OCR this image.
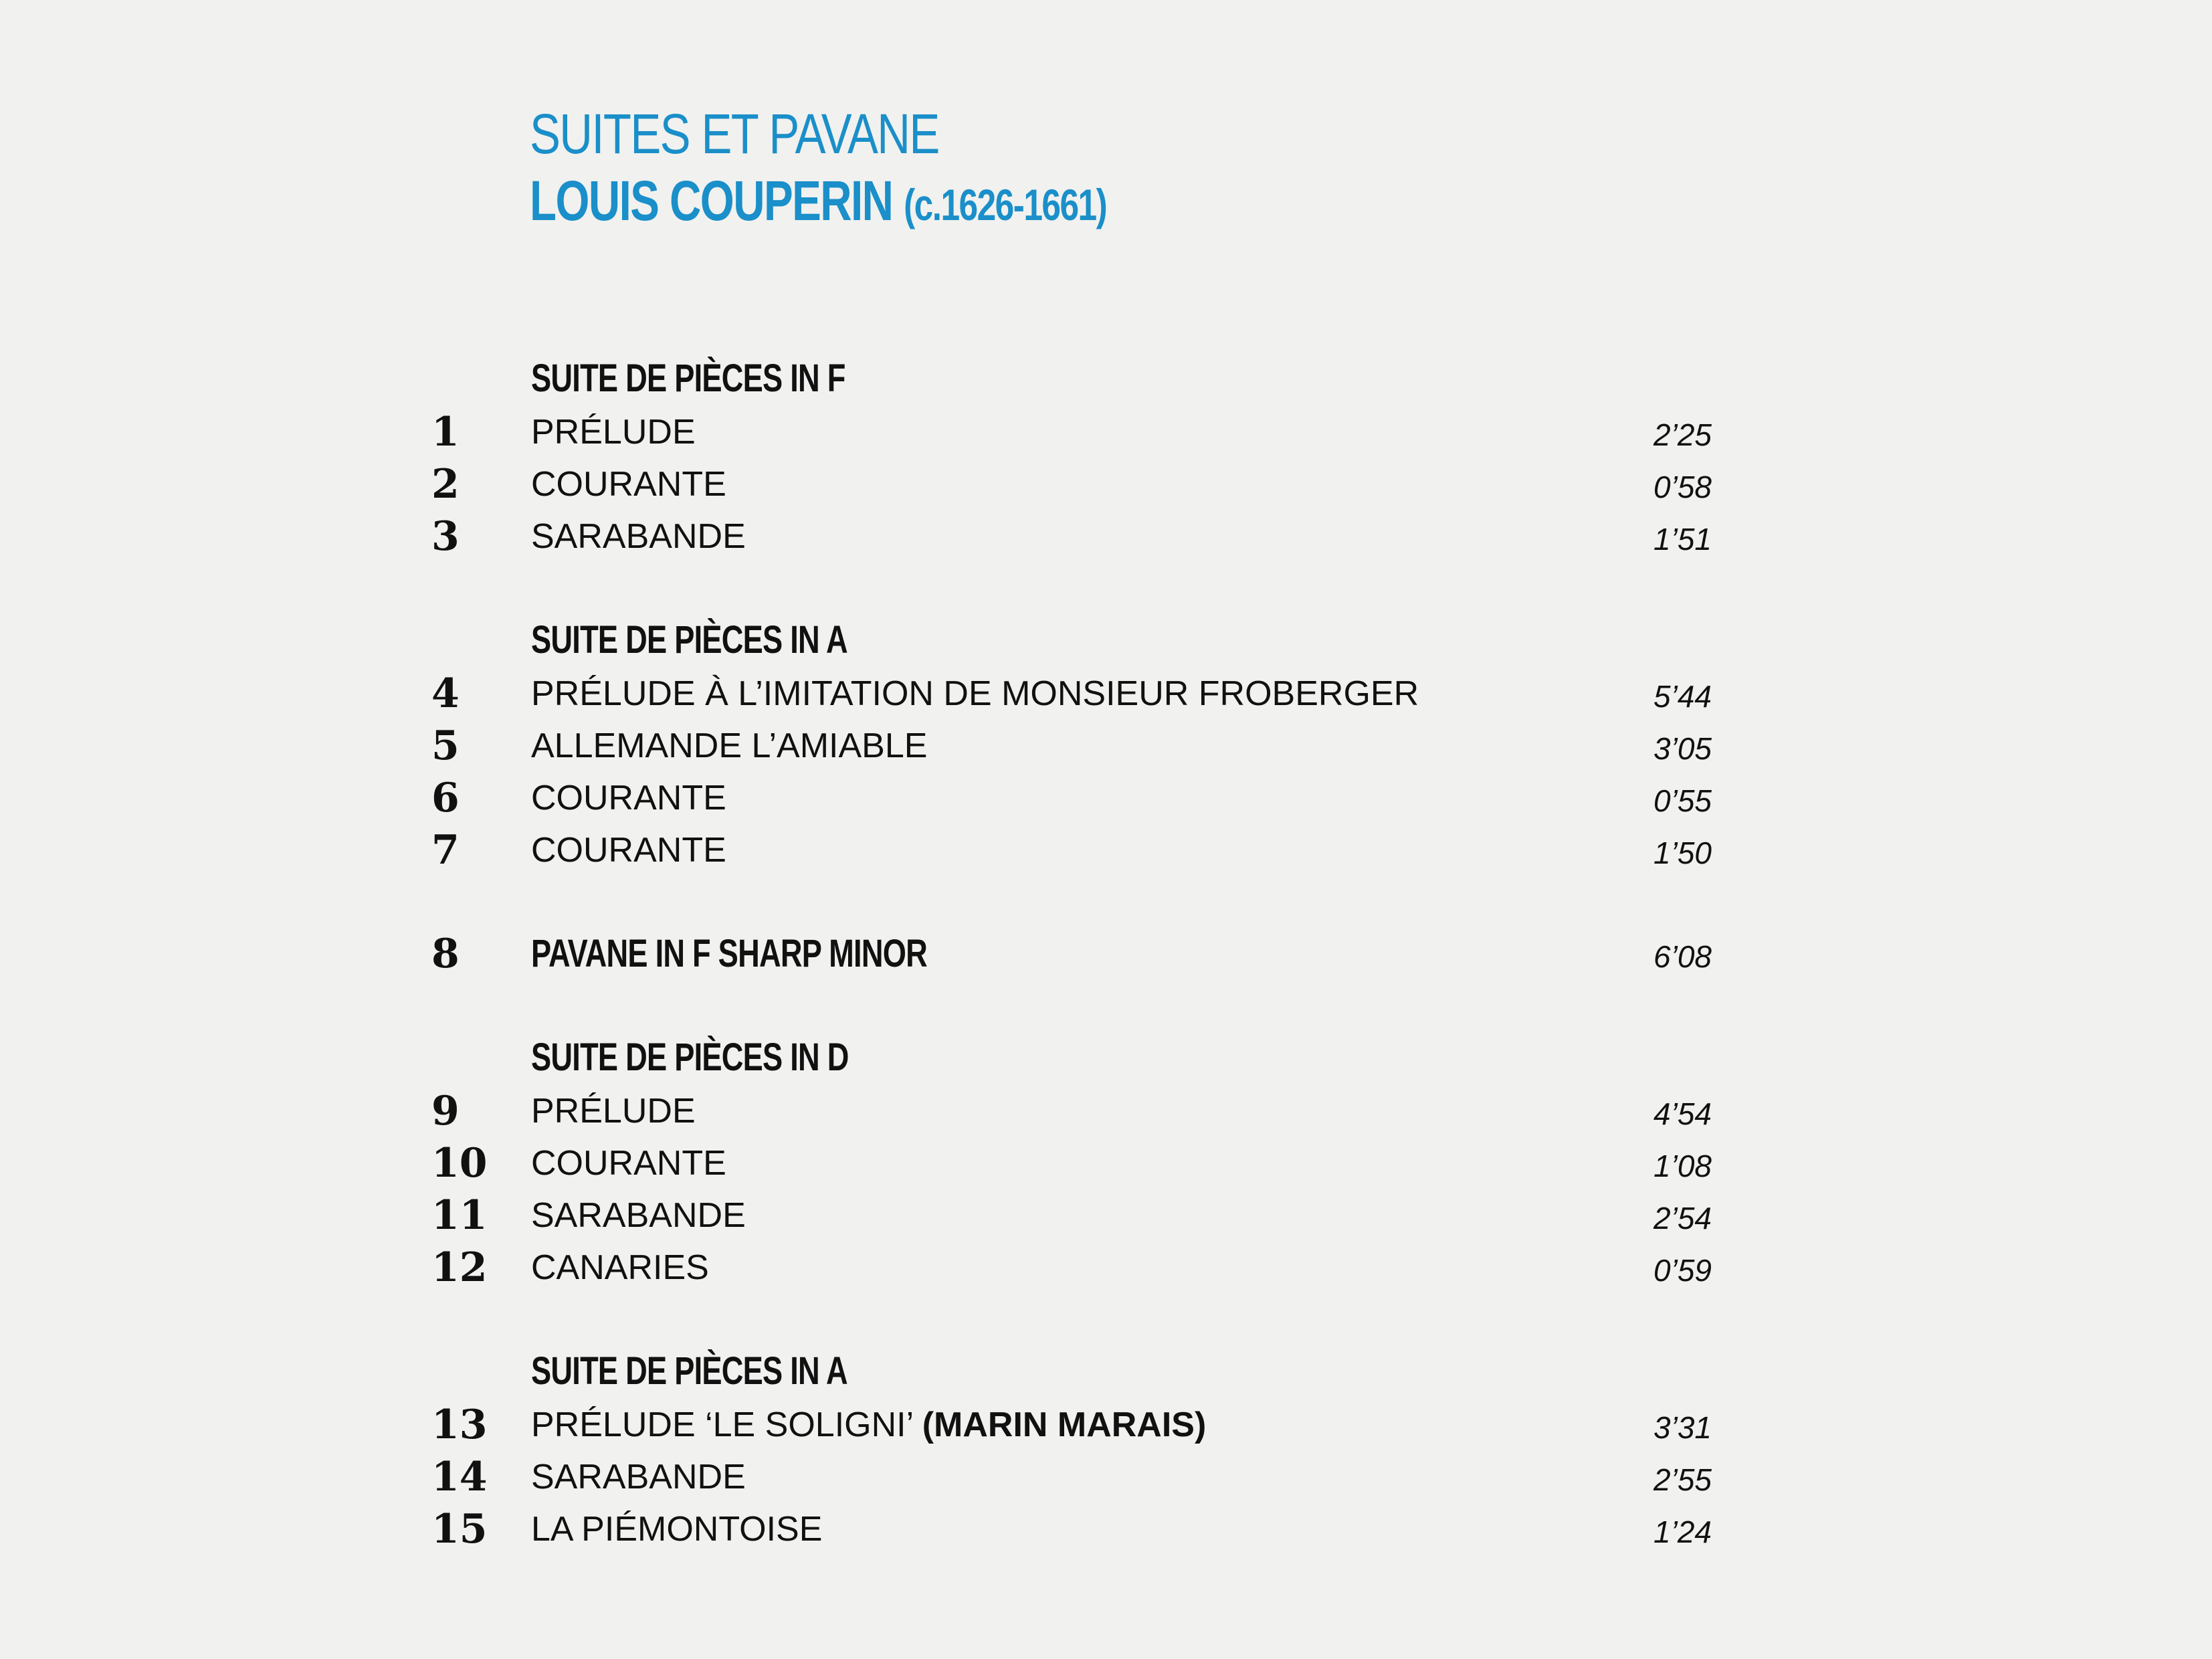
SUITES ET PAVANE
LOUIS COUPERIN (c.1626-1661)
SUITE DE PIÈCES IN F
1 PRÉLUDE	2’25
2 COURANTE	0’58
3 SARABANDE	1’51
SUITE DE PIÈCES IN A
4 PRÉLUDE À L’IMITATION DE MONSIEUR FROBERGER	5’44
5 ALLEMANDE L’AMIABLE	3’05
6 COURANTE	0’55
7 COURANTE	1’50
8 PAVANE IN F SHARP MINOR	6’08
SUITE DE PIÈCES IN D
9 PRÉLUDE	4’54
10 COURANTE	1’08
11 SARABANDE	2’54
12 CANARIES	0’59
SUITE DE PIÈCES IN A
13 PRÉLUDE ‘LE SOLIGNI’ (MARIN MARAIS)	3’31
14 SARABANDE	2’55
15 LA PIÉMONTOISE	1’24
